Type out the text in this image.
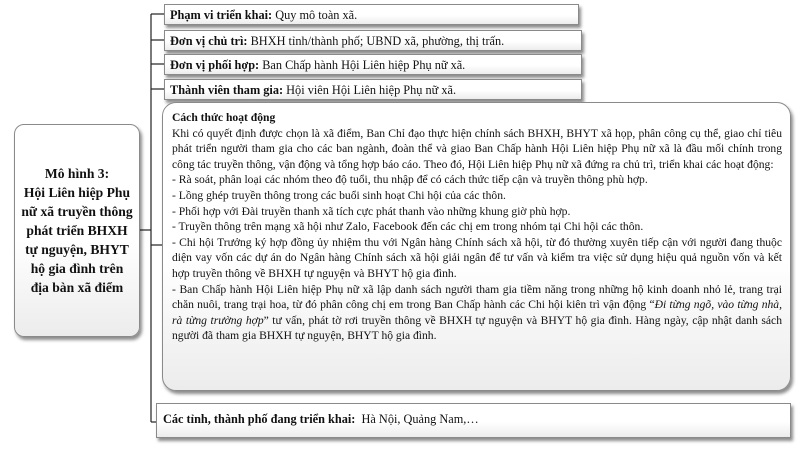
Mô hình 3:
Hội Liên hiệp Phụ nữ xã truyền thông phát triển BHXH tự nguyện, BHYT hộ gia đình trên địa bàn xã điểm
Phạm vi triển khai: Quy mô toàn xã.
Đơn vị chủ trì: BHXH tỉnh/thành phố; UBND xã, phường, thị trấn.
Đơn vị phối hợp: Ban Chấp hành Hội Liên hiệp Phụ nữ xã.
Thành viên tham gia: Hội viên Hội Liên hiệp Phụ nữ xã.

Cách thức hoạt động

Khi có quyết định được chọn là xã điểm, Ban Chỉ đạo thực hiện chính sách BHXH, BHYT xã họp, phân công cụ thể, giao chỉ tiêu phát triển người tham gia cho các ban ngành, đoàn thể và giao Ban Chấp hành Hội Liên hiệp Phụ nữ xã là đầu mối chính trong công tác truyền thông, vận động và tổng hợp báo cáo. Theo đó, Hội Liên hiệp Phụ nữ xã đứng ra chủ trì, triển khai các hoạt động:

- Rà soát, phân loại các nhóm theo độ tuổi, thu nhập để có cách thức tiếp cận và truyền thông phù hợp.

- Lồng ghép truyền thông trong các buổi sinh hoạt Chi hội của các thôn.

- Phối hợp với Đài truyền thanh xã tích cực phát thanh vào những khung giờ phù hợp.

- Truyền thông trên mạng xã hội như Zalo, Facebook đến các chị em trong nhóm tại Chi hội các thôn.

- Chi hội Trưởng ký hợp đồng ủy nhiệm thu với Ngân hàng Chính sách xã hội, từ đó thường xuyên tiếp cận với người đang thuộc diện vay vốn các dự án do Ngân hàng Chính sách xã hội giải ngân để tư vấn và kiểm tra việc sử dụng hiệu quả nguồn vốn và kết hợp truyền thông về BHXH tự nguyện và BHYT hộ gia đình.

- Ban Chấp hành Hội Liên hiệp Phụ nữ xã lập danh sách người tham gia tiềm năng trong những hộ kinh doanh nhỏ lẻ, trang trại chăn nuôi, trang trại hoa, từ đó phân công chị em trong Ban Chấp hành các Chi hội kiên trì vận động “Đi từng ngõ, vào từng nhà, rà từng trường hợp” tư vấn, phát tờ rơi truyền thông về BHXH tự nguyện và BHYT hộ gia đình. Hàng ngày, cập nhật danh sách người đã tham gia BHXH tự nguyện, BHYT hộ gia đình.

Các tỉnh, thành phố đang triển khai:  Hà Nội, Quảng Nam,…
